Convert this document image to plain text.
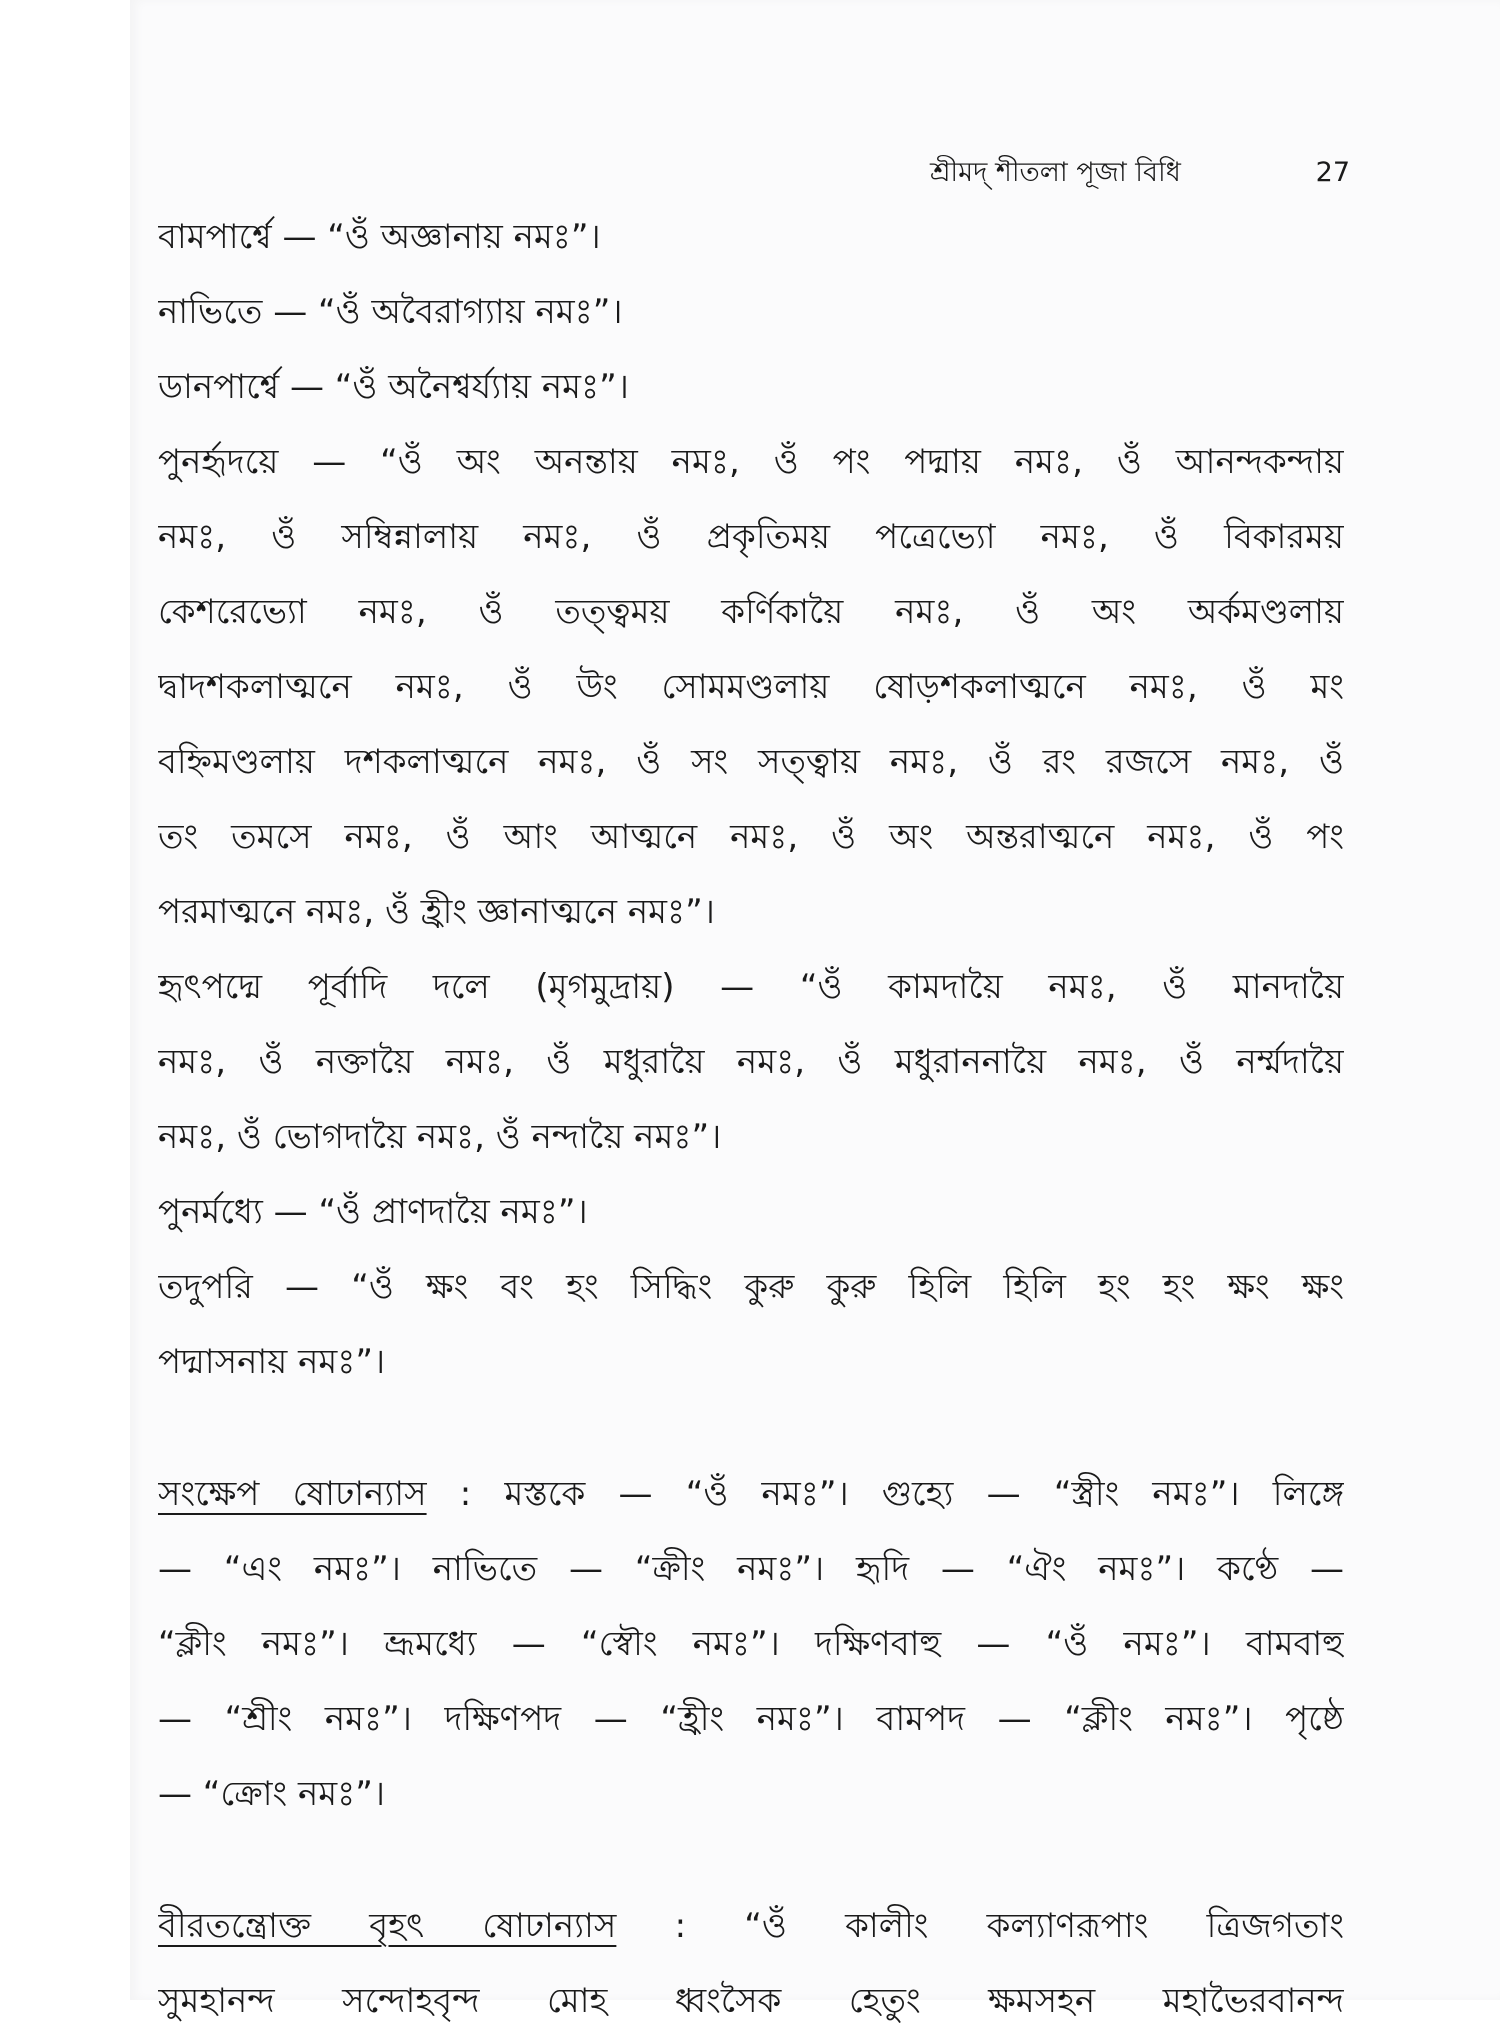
শ্রীমদ্ শীতলা পূজা বিধি	27
বামপার্শ্বে — “ওঁ অজ্ঞানায় নমঃ”।
নাভিতে — “ওঁ অবৈরাগ্যায় নমঃ”।
ডানপার্শ্বে — “ওঁ অনৈশ্বর্য্যায় নমঃ”।
পুনর্হৃদয়ে — “ওঁ অং অনন্তায় নমঃ, ওঁ পং পদ্মায় নমঃ, ওঁ আনন্দকন্দায়
নমঃ, ওঁ সম্বিন্নালায় নমঃ, ওঁ প্রকৃতিময় পত্রেভ্যো নমঃ, ওঁ বিকারময়
কেশরেভ্যো নমঃ, ওঁ তত্ত্বময় কর্ণিকায়ৈ নমঃ, ওঁ অং অর্কমণ্ডলায়
দ্বাদশকলাত্মনে নমঃ, ওঁ উং সোমমণ্ডলায় ষোড়শকলাত্মনে নমঃ, ওঁ মং
বহ্নিমণ্ডলায় দশকলাত্মনে নমঃ, ওঁ সং সত্ত্বায় নমঃ, ওঁ রং রজসে নমঃ, ওঁ
তং তমসে নমঃ, ওঁ আং আত্মনে নমঃ, ওঁ অং অন্তরাত্মনে নমঃ, ওঁ পং
পরমাত্মনে নমঃ, ওঁ হ্রীং জ্ঞানাত্মনে নমঃ”।
হৃৎপদ্মে পূর্বাদি দলে (মৃগমুদ্রায়) — “ওঁ কামদায়ৈ নমঃ, ওঁ মানদায়ৈ
নমঃ, ওঁ নক্তায়ৈ নমঃ, ওঁ মধুরায়ৈ নমঃ, ওঁ মধুরাননায়ৈ নমঃ, ওঁ নর্ম্মদায়ৈ
নমঃ, ওঁ ভোগদায়ৈ নমঃ, ওঁ নন্দায়ৈ নমঃ”।
পুনর্মধ্যে — “ওঁ প্রাণদায়ৈ নমঃ”।
তদুপরি — “ওঁ ক্ষং বং হং সিদ্ধিং কুরু কুরু হিলি হিলি হং হং ক্ষং ক্ষং
পদ্মাসনায় নমঃ”।
সংক্ষেপ ষোঢান্যাস : মস্তকে — “ওঁ নমঃ”। গুহ্যে — “স্ত্রীং নমঃ”। লিঙ্গে
— “এং নমঃ”। নাভিতে — “ক্রীং নমঃ”। হৃদি — “ঐং নমঃ”। কণ্ঠে —
“ক্লীং নমঃ”। ভ্রূমধ্যে — “স্বৌং নমঃ”। দক্ষিণবাহু — “ওঁ নমঃ”। বামবাহু
— “শ্রীং নমঃ”। দক্ষিণপদ — “হ্রীং নমঃ”। বামপদ — “ক্লীং নমঃ”। পৃষ্ঠে
— “ক্রোং নমঃ”।
বীরতন্ত্রোক্ত বৃহৎ ষোঢান্যাস : “ওঁ কালীং কল্যাণরূপাং ত্রিজগতাং
সুমহানন্দ সন্দোহবৃন্দ মোহ ধ্বংসৈক হেতুং ক্ষমসহন মহাভৈরবানন্দ
